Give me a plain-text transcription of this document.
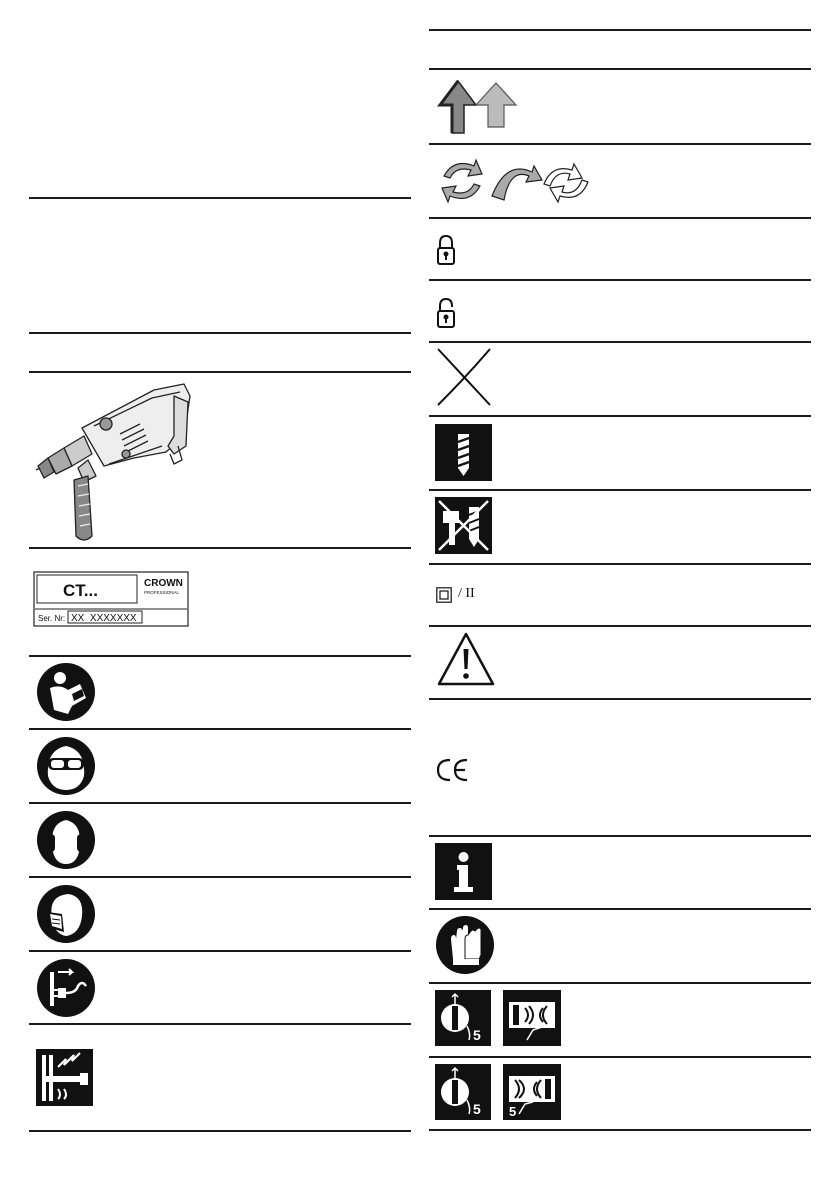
CT...	CROWN
PROFESSIONAL
Ser. Nr: XX  XXXXXXX
/ II
5
5 5
